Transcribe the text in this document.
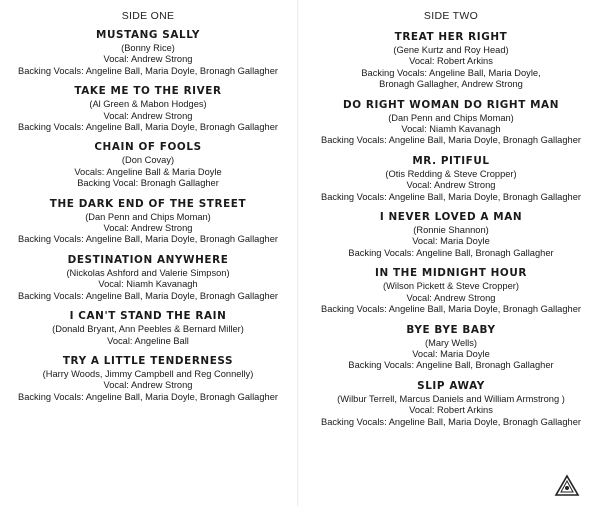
SIDE ONE
MUSTANG SALLY
(Bonny Rice)
Vocal: Andrew Strong
Backing Vocals: Angeline Ball, Maria Doyle, Bronagh Gallagher
TAKE ME TO THE RIVER
(Al Green & Mabon Hodges)
Vocal: Andrew Strong
Backing Vocals: Angeline Ball, Maria Doyle, Bronagh Gallagher
CHAIN OF FOOLS
(Don Covay)
Vocals: Angeline Ball & Maria Doyle
Backing Vocal: Bronagh Gallagher
THE DARK END OF THE STREET
(Dan Penn and Chips Moman)
Vocal: Andrew Strong
Backing Vocals: Angeline Ball, Maria Doyle, Bronagh Gallagher
DESTINATION ANYWHERE
(Nickolas Ashford and Valerie Simpson)
Vocal: Niamh Kavanagh
Backing Vocals: Angeline Ball, Maria Doyle, Bronagh Gallagher
I CAN'T STAND THE RAIN
(Donald Bryant, Ann Peebles & Bernard Miller)
Vocal: Angeline Ball
TRY A LITTLE TENDERNESS
(Harry Woods, Jimmy Campbell and Reg Connelly)
Vocal: Andrew Strong
Backing Vocals: Angeline Ball, Maria Doyle, Bronagh Gallagher
SIDE TWO
TREAT HER RIGHT
(Gene Kurtz and Roy Head)
Vocal: Robert Arkins
Backing Vocals: Angeline Ball, Maria Doyle,
Bronagh Gallagher, Andrew Strong
DO RIGHT WOMAN DO RIGHT MAN
(Dan Penn and Chips Moman)
Vocal: Niamh Kavanagh
Backing Vocals: Angeline Ball, Maria Doyle, Bronagh Gallagher
MR. PITIFUL
(Otis Redding & Steve Cropper)
Vocal: Andrew Strong
Backing Vocals: Angeline Ball, Maria Doyle, Bronagh Gallagher
I NEVER LOVED A MAN
(Ronnie Shannon)
Vocal: Maria Doyle
Backing Vocals: Angeline Ball, Bronagh Gallagher
IN THE MIDNIGHT HOUR
(Wilson Pickett & Steve Cropper)
Vocal: Andrew Strong
Backing Vocals: Angeline Ball, Maria Doyle, Bronagh Gallagher
BYE BYE BABY
(Mary Wells)
Vocal: Maria Doyle
Backing Vocals: Angeline Ball, Bronagh Gallagher
SLIP AWAY
(Wilbur Terrell, Marcus Daniels and William Armstrong )
Vocal: Robert Arkins
Backing Vocals: Angeline Ball, Maria Doyle, Bronagh Gallagher
